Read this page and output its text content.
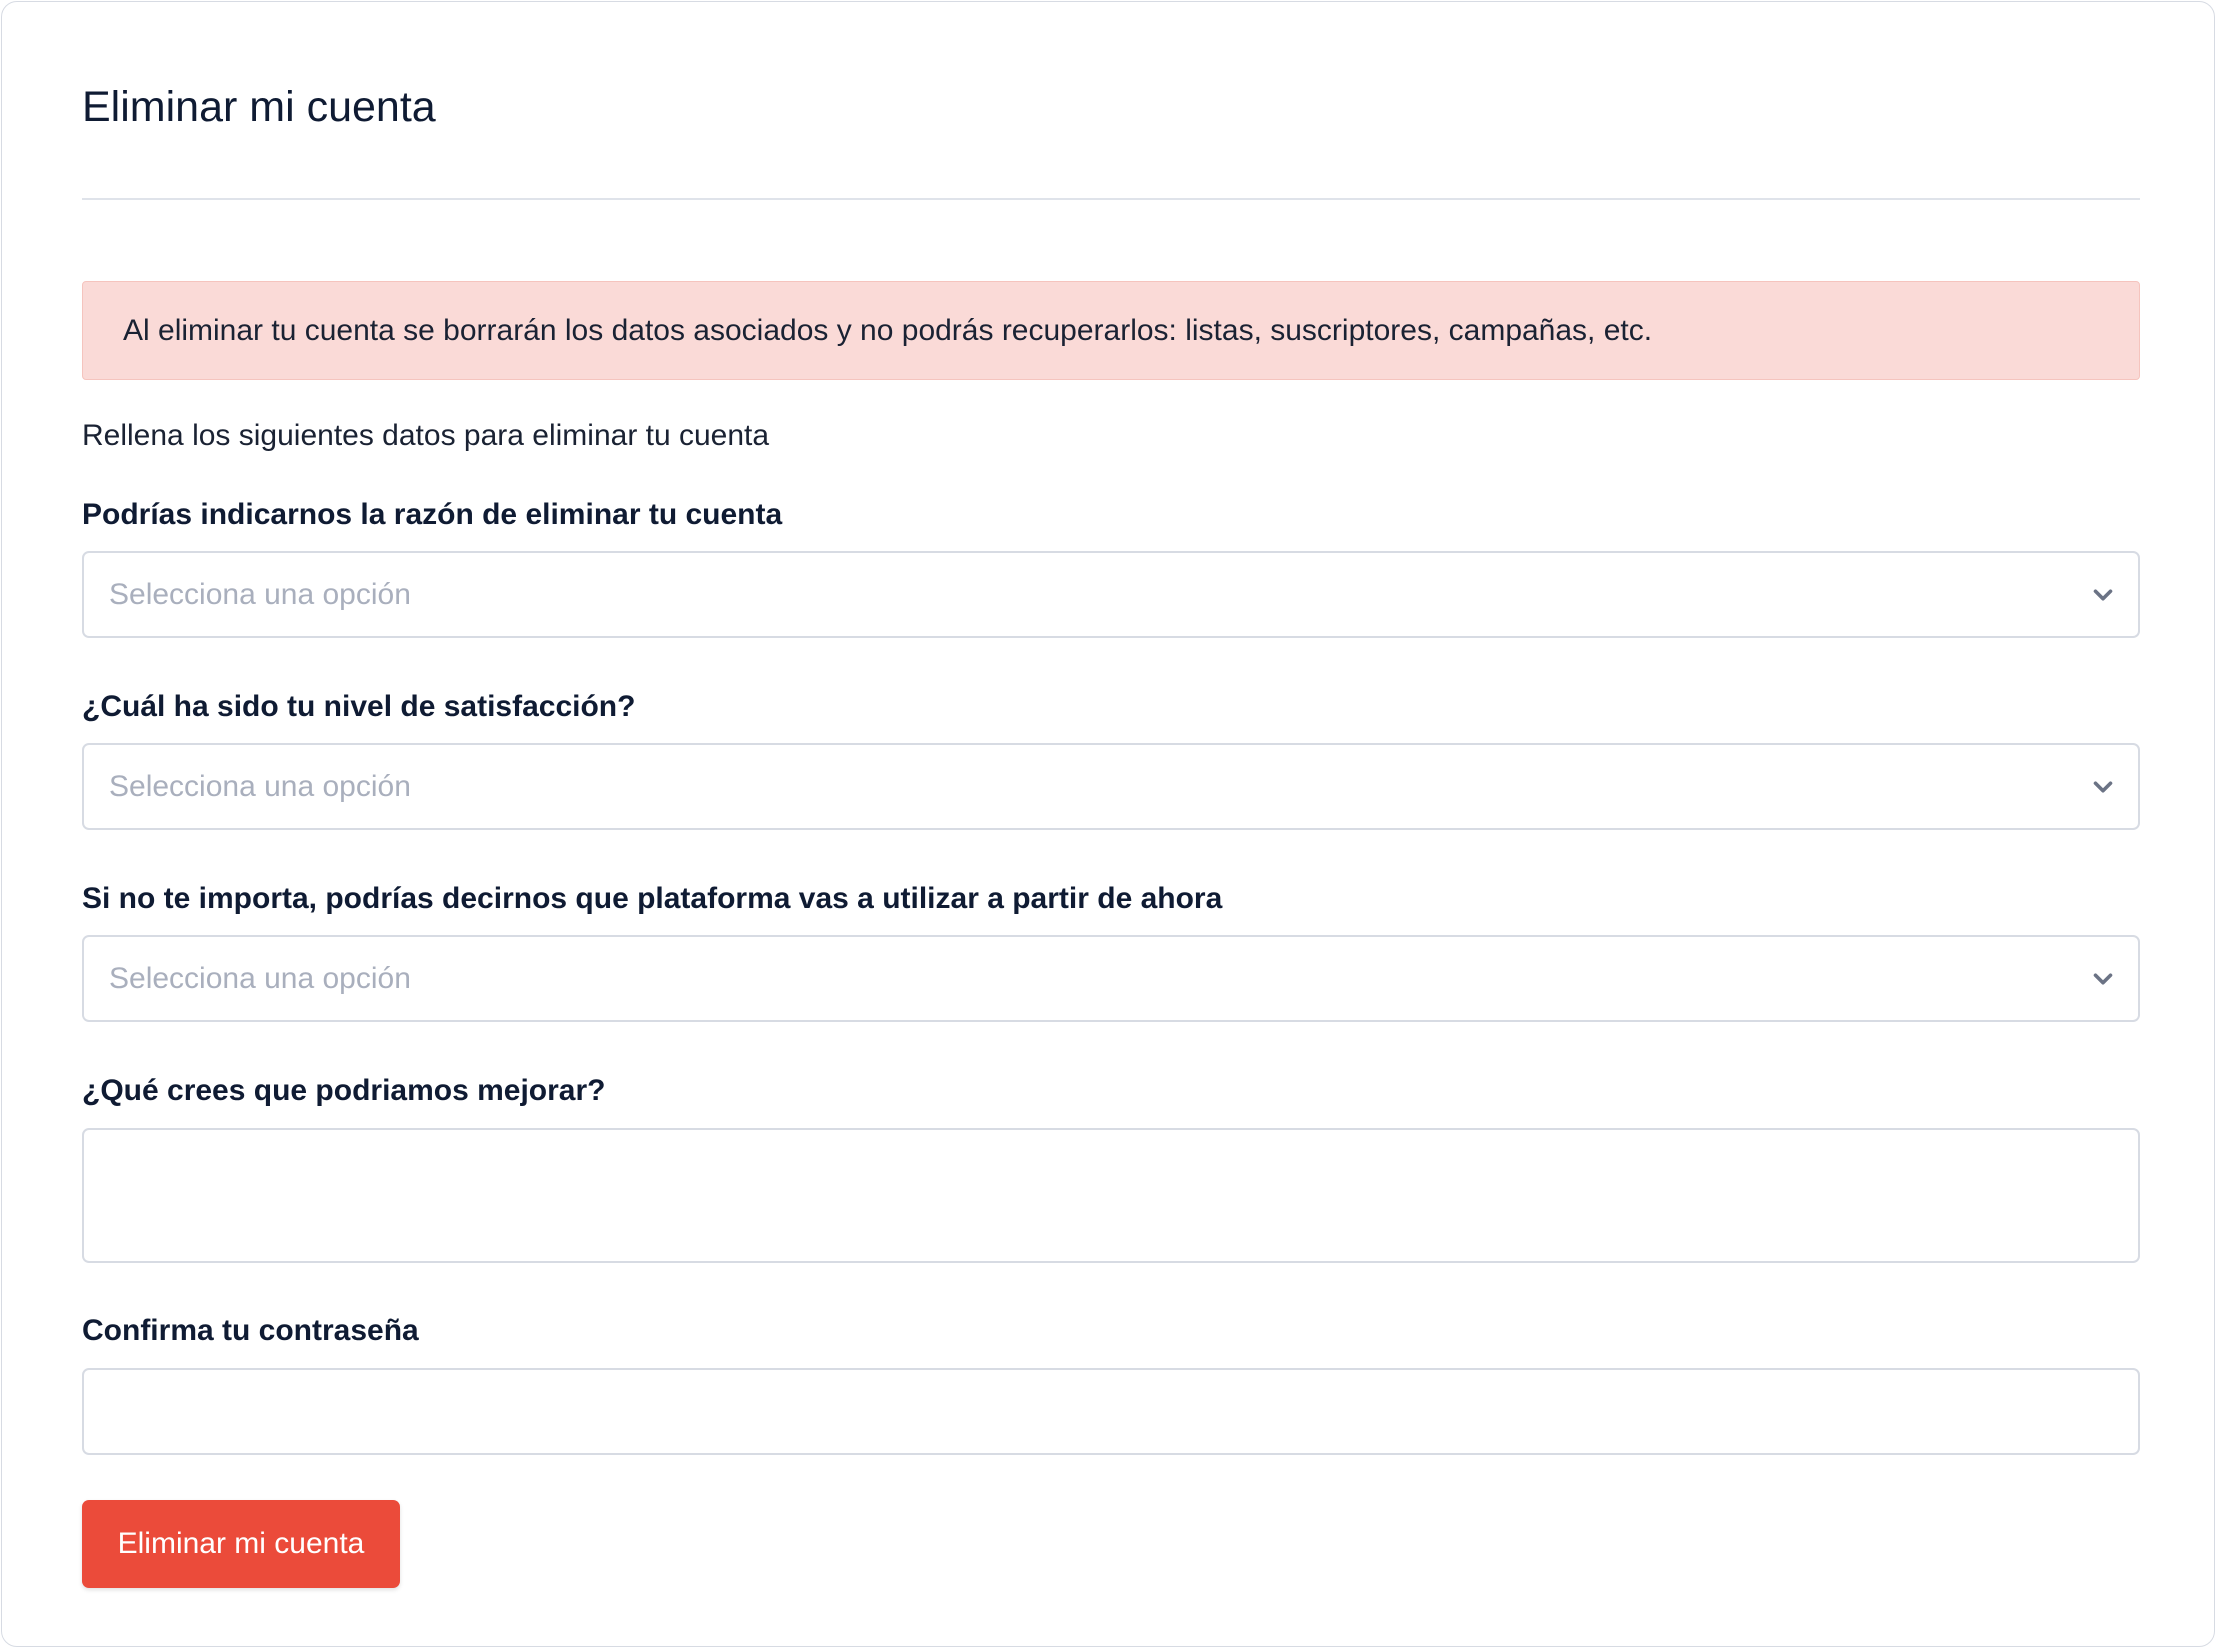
Eliminar mi cuenta
Al eliminar tu cuenta se borrarán los datos asociados y no podrás recuperarlos: listas, suscriptores, campañas, etc.
Rellena los siguientes datos para eliminar tu cuenta
Podrías indicarnos la razón de eliminar tu cuenta
Selecciona una opción
¿Cuál ha sido tu nivel de satisfacción?
Selecciona una opción
Si no te importa, podrías decirnos que plataforma vas a utilizar a partir de ahora
Selecciona una opción
¿Qué crees que podriamos mejorar?
Confirma tu contraseña
Eliminar mi cuenta
